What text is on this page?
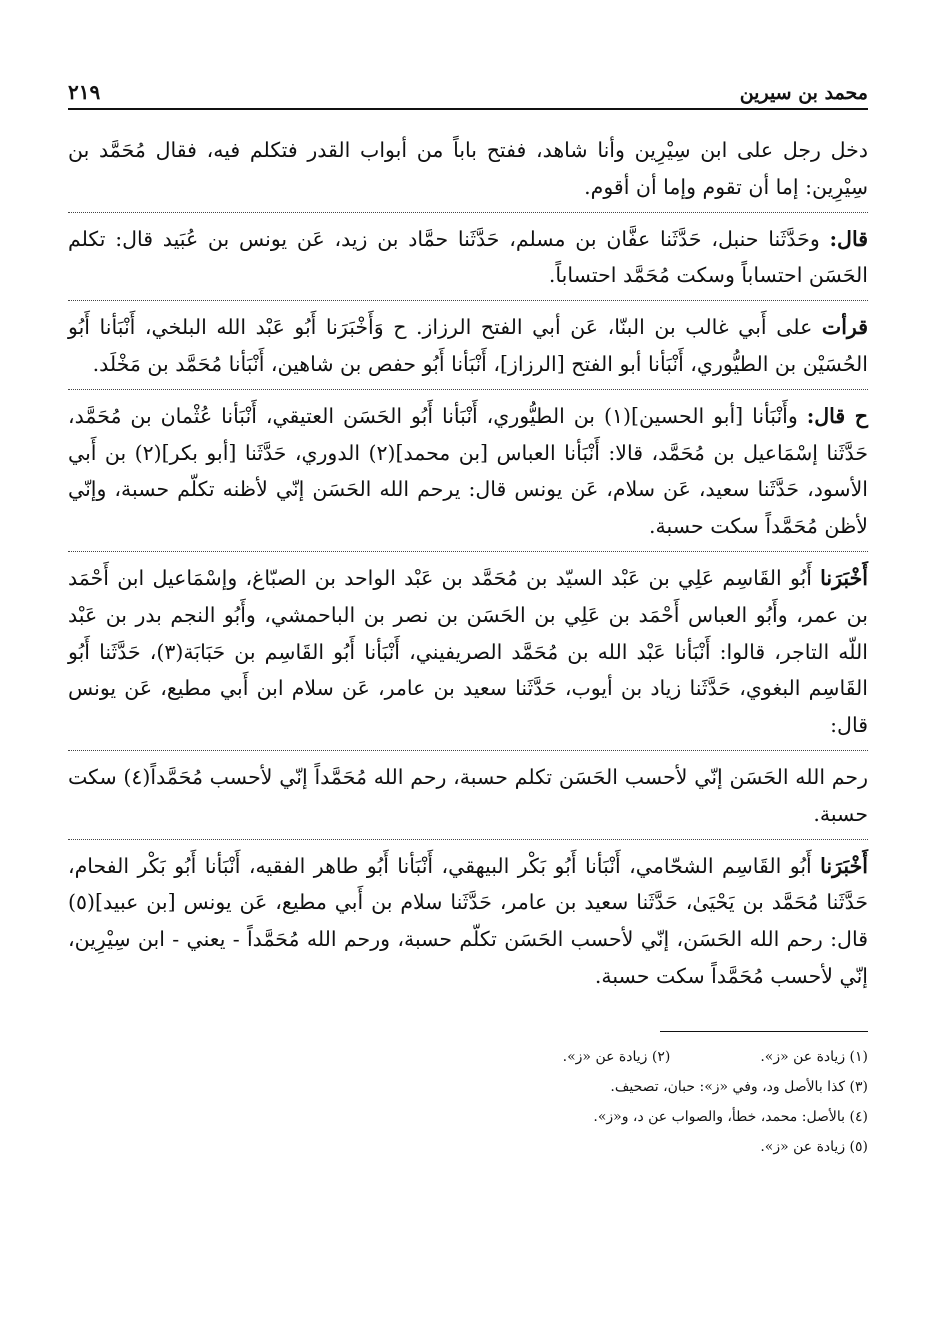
محمد بن سيرين
٢١٩

دخل رجل على ابن سِيْرِين وأنا شاهد، ففتح باباً من أبواب القدر فتكلم فيه، فقال مُحَمَّد بن سِيْرِين: إما أن تقوم وإما أن أقوم.

قال: وحَدَّثَنا حنبل، حَدَّثَنا عفَّان بن مسلم، حَدَّثَنا حمَّاد بن زيد، عَن يونس بن عُبَيد قال: تكلم الحَسَن احتساباً وسكت مُحَمَّد احتساباً.

قرأت على أَبي غالب بن البنّا، عَن أبي الفتح الرزاز. ح وَأَخْبَرَنا أَبُو عَبْد الله البلخي، أَنْبَأنا أَبُو الحُسَيْن بن الطيُّوري، أَنْبَأنا أبو الفتح [الرزاز]، أَنْبَأنا أَبُو حفص بن شاهين، أَنْبَأنا مُحَمَّد بن مَخْلَد.

ح قال: وأَنْبَأنا [أبو الحسين](١) بن الطيُّوري، أَنْبَأنا أَبُو الحَسَن العتيقي، أَنْبَأنا عُثْمان بن مُحَمَّد، حَدَّثَنا إسْمَاعيل بن مُحَمَّد، قالا: أَنْبَأنا العباس [بن محمد](٢) الدوري، حَدَّثَنا [أبو بكر](٢) بن أَبي الأسود، حَدَّثَنا سعيد، عَن سلام، عَن يونس قال: يرحم الله الحَسَن إنّي لأظنه تكلّم حسبة، وإنّي لأظن مُحَمَّداً سكت حسبة.

أَخْبَرَنا أَبُو القَاسِم عَلِي بن عَبْد السيّد بن مُحَمَّد بن عَبْد الواحد بن الصبّاغ، وإسْمَاعيل ابن أَحْمَد بن عمر، وأَبُو العباس أَحْمَد بن عَلِي بن الحَسَن بن نصر بن الباحمشي، وأَبُو النجم بدر بن عَبْد اللّه التاجر، قالوا: أَنْبَأنا عَبْد الله بن مُحَمَّد الصريفيني، أَنْبَأنا أَبُو القَاسِم بن حَبَابَة(٣)، حَدَّثَنا أَبُو القَاسِم البغوي، حَدَّثَنا زياد بن أيوب، حَدَّثَنا سعيد بن عامر، عَن سلام ابن أَبي مطيع، عَن يونس قال:

رحم الله الحَسَن إنّي لأحسب الحَسَن تكلم حسبة، رحم الله مُحَمَّداً إنّي لأحسب مُحَمَّداً(٤) سكت حسبة.

أَخْبَرَنا أَبُو القَاسِم الشحّامي، أَنْبَأنا أَبُو بَكْر البيهقي، أَنْبَأنا أَبُو طاهر الفقيه، أَنْبَأنا أَبُو بَكْر الفحام، حَدَّثَنا مُحَمَّد بن يَحْيَىٰ، حَدَّثَنا سعيد بن عامر، حَدَّثَنا سلام بن أَبي مطيع، عَن يونس [بن عبيد](٥) قال: رحم الله الحَسَن، إنّي لأحسب الحَسَن تكلّم حسبة، ورحم الله مُحَمَّداً - يعني - ابن سِيْرِين، إنّي لأحسب مُحَمَّداً سكت حسبة.

(١) زيادة عن «ز».
(٢) زيادة عن «ز».
(٣) كذا بالأصل ود، وفي «ز»: حبان، تصحيف.
(٤) بالأصل: محمد، خطأ، والصواب عن د، و«ز».
(٥) زيادة عن «ز».
